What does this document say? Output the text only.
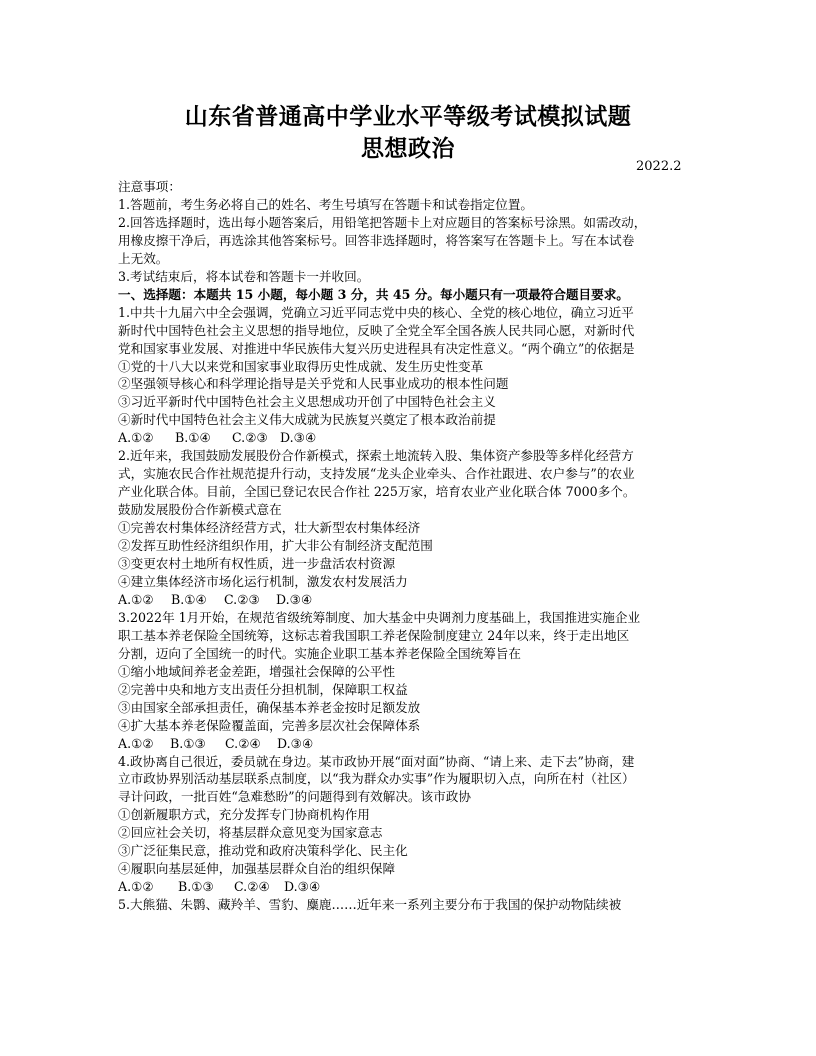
山东省普通高中学业水平等级考试模拟试题
思想政治
2022.2
注意事项：
1.答题前，考生务必将自己的姓名、考生号填写在答题卡和试卷指定位置。
2.回答选择题时，选出每小题答案后，用铅笔把答题卡上对应题目的答案标号涂黑。如需改动，
用橡皮擦干净后，再选涂其他答案标号。回答非选择题时，将答案写在答题卡上。写在本试卷
上无效。
3.考试结束后，将本试卷和答题卡一并收回。
一、选择题：本题共 15 小题，每小题 3 分，共 45 分。每小题只有一项最符合题目要求。
1.中共十九届六中全会强调，党确立习近平同志党中央的核心、全党的核心地位，确立习近平
新时代中国特色社会主义思想的指导地位，反映了全党全军全国各族人民共同心愿，对新时代
党和国家事业发展、对推进中华民族伟大复兴历史进程具有决定性意义。“两个确立”的依据是
①党的十八大以来党和国家事业取得历史性成就、发生历史性变革
②坚强领导核心和科学理论指导是关乎党和人民事业成功的根本性问题
③习近平新时代中国特色社会主义思想成功开创了中国特色社会主义
④新时代中国特色社会主义伟大成就为民族复兴奠定了根本政治前提
A.①② B.①④ C.②③ D.③④
2.近年来，我国鼓励发展股份合作新模式，探索土地流转入股、集体资产参股等多样化经营方
式，实施农民合作社规范提升行动，支持发展“龙头企业牵头、合作社跟进、农户参与”的农业
产业化联合体。目前，全国已登记农民合作社 225万家，培育农业产业化联合体 7000多个。
鼓励发展股份合作新模式意在
①完善农村集体经济经营方式，壮大新型农村集体经济
②发挥互助性经济组织作用，扩大非公有制经济支配范围
③变更农村土地所有权性质，进一步盘活农村资源
④建立集体经济市场化运行机制，激发农村发展活力
A.①② B.①④ C.②③ D.③④
3.2022年 1月开始，在规范省级统筹制度、加大基金中央调剂力度基础上，我国推进实施企业
职工基本养老保险全国统筹，这标志着我国职工养老保险制度建立 24年以来，终于走出地区
分割，迈向了全国统一的时代。实施企业职工基本养老保险全国统筹旨在
①缩小地域间养老金差距，增强社会保障的公平性
②完善中央和地方支出责任分担机制，保障职工权益
③由国家全部承担责任，确保基本养老金按时足额发放
④扩大基本养老保险覆盖面，完善多层次社会保障体系
A.①② B.①③ C.②④ D.③④
4.政协离自己很近，委员就在身边。某市政协开展“面对面”协商、“请上来、走下去”协商，建
立市政协界别活动基层联系点制度，以“我为群众办实事”作为履职切入点，向所在村（社区）
寻计问政，一批百姓“急难愁盼”的问题得到有效解决。该市政协
①创新履职方式，充分发挥专门协商机构作用
②回应社会关切，将基层群众意见变为国家意志
③广泛征集民意，推动党和政府决策科学化、民主化
④履职向基层延伸，加强基层群众自治的组织保障
A.①② B.①③ C.②④ D.③④
5.大熊猫、朱鹮、藏羚羊、雪豹、麋鹿……近年来一系列主要分布于我国的保护动物陆续被
